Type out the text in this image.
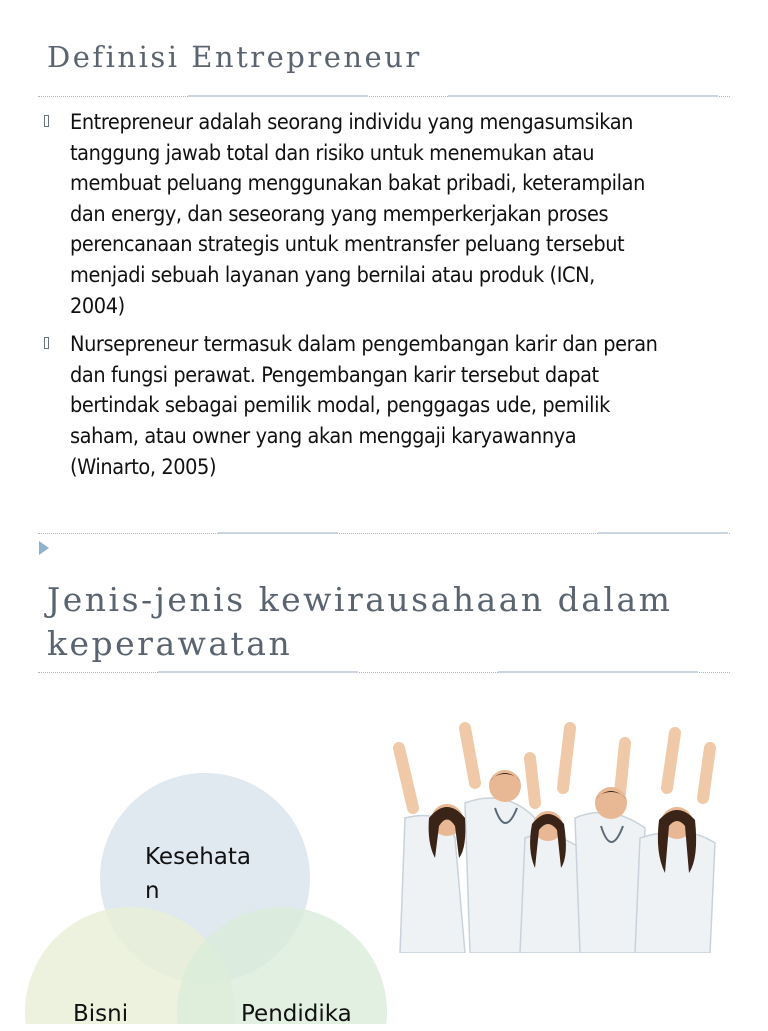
Definisi Entrepreneur
Entrepreneur adalah seorang individu yang mengasumsikan
tanggung jawab total dan risiko untuk menemukan atau
membuat peluang menggunakan bakat pribadi, keterampilan
dan energy, dan seseorang yang memperkerjakan proses
perencanaan strategis untuk mentransfer peluang tersebut
menjadi sebuah layanan yang bernilai atau produk (ICN,
2004)
Nursepreneur termasuk dalam pengembangan karir dan peran
dan fungsi perawat. Pengembangan karir tersebut dapat
bertindak sebagai pemilik modal, penggagas ude, pemilik
saham, atau owner yang akan menggaji karyawannya
(Winarto, 2005)
Jenis-jenis kewirausahaan dalam keperawatan
Kesehata
n
Bisni	Pendidika
